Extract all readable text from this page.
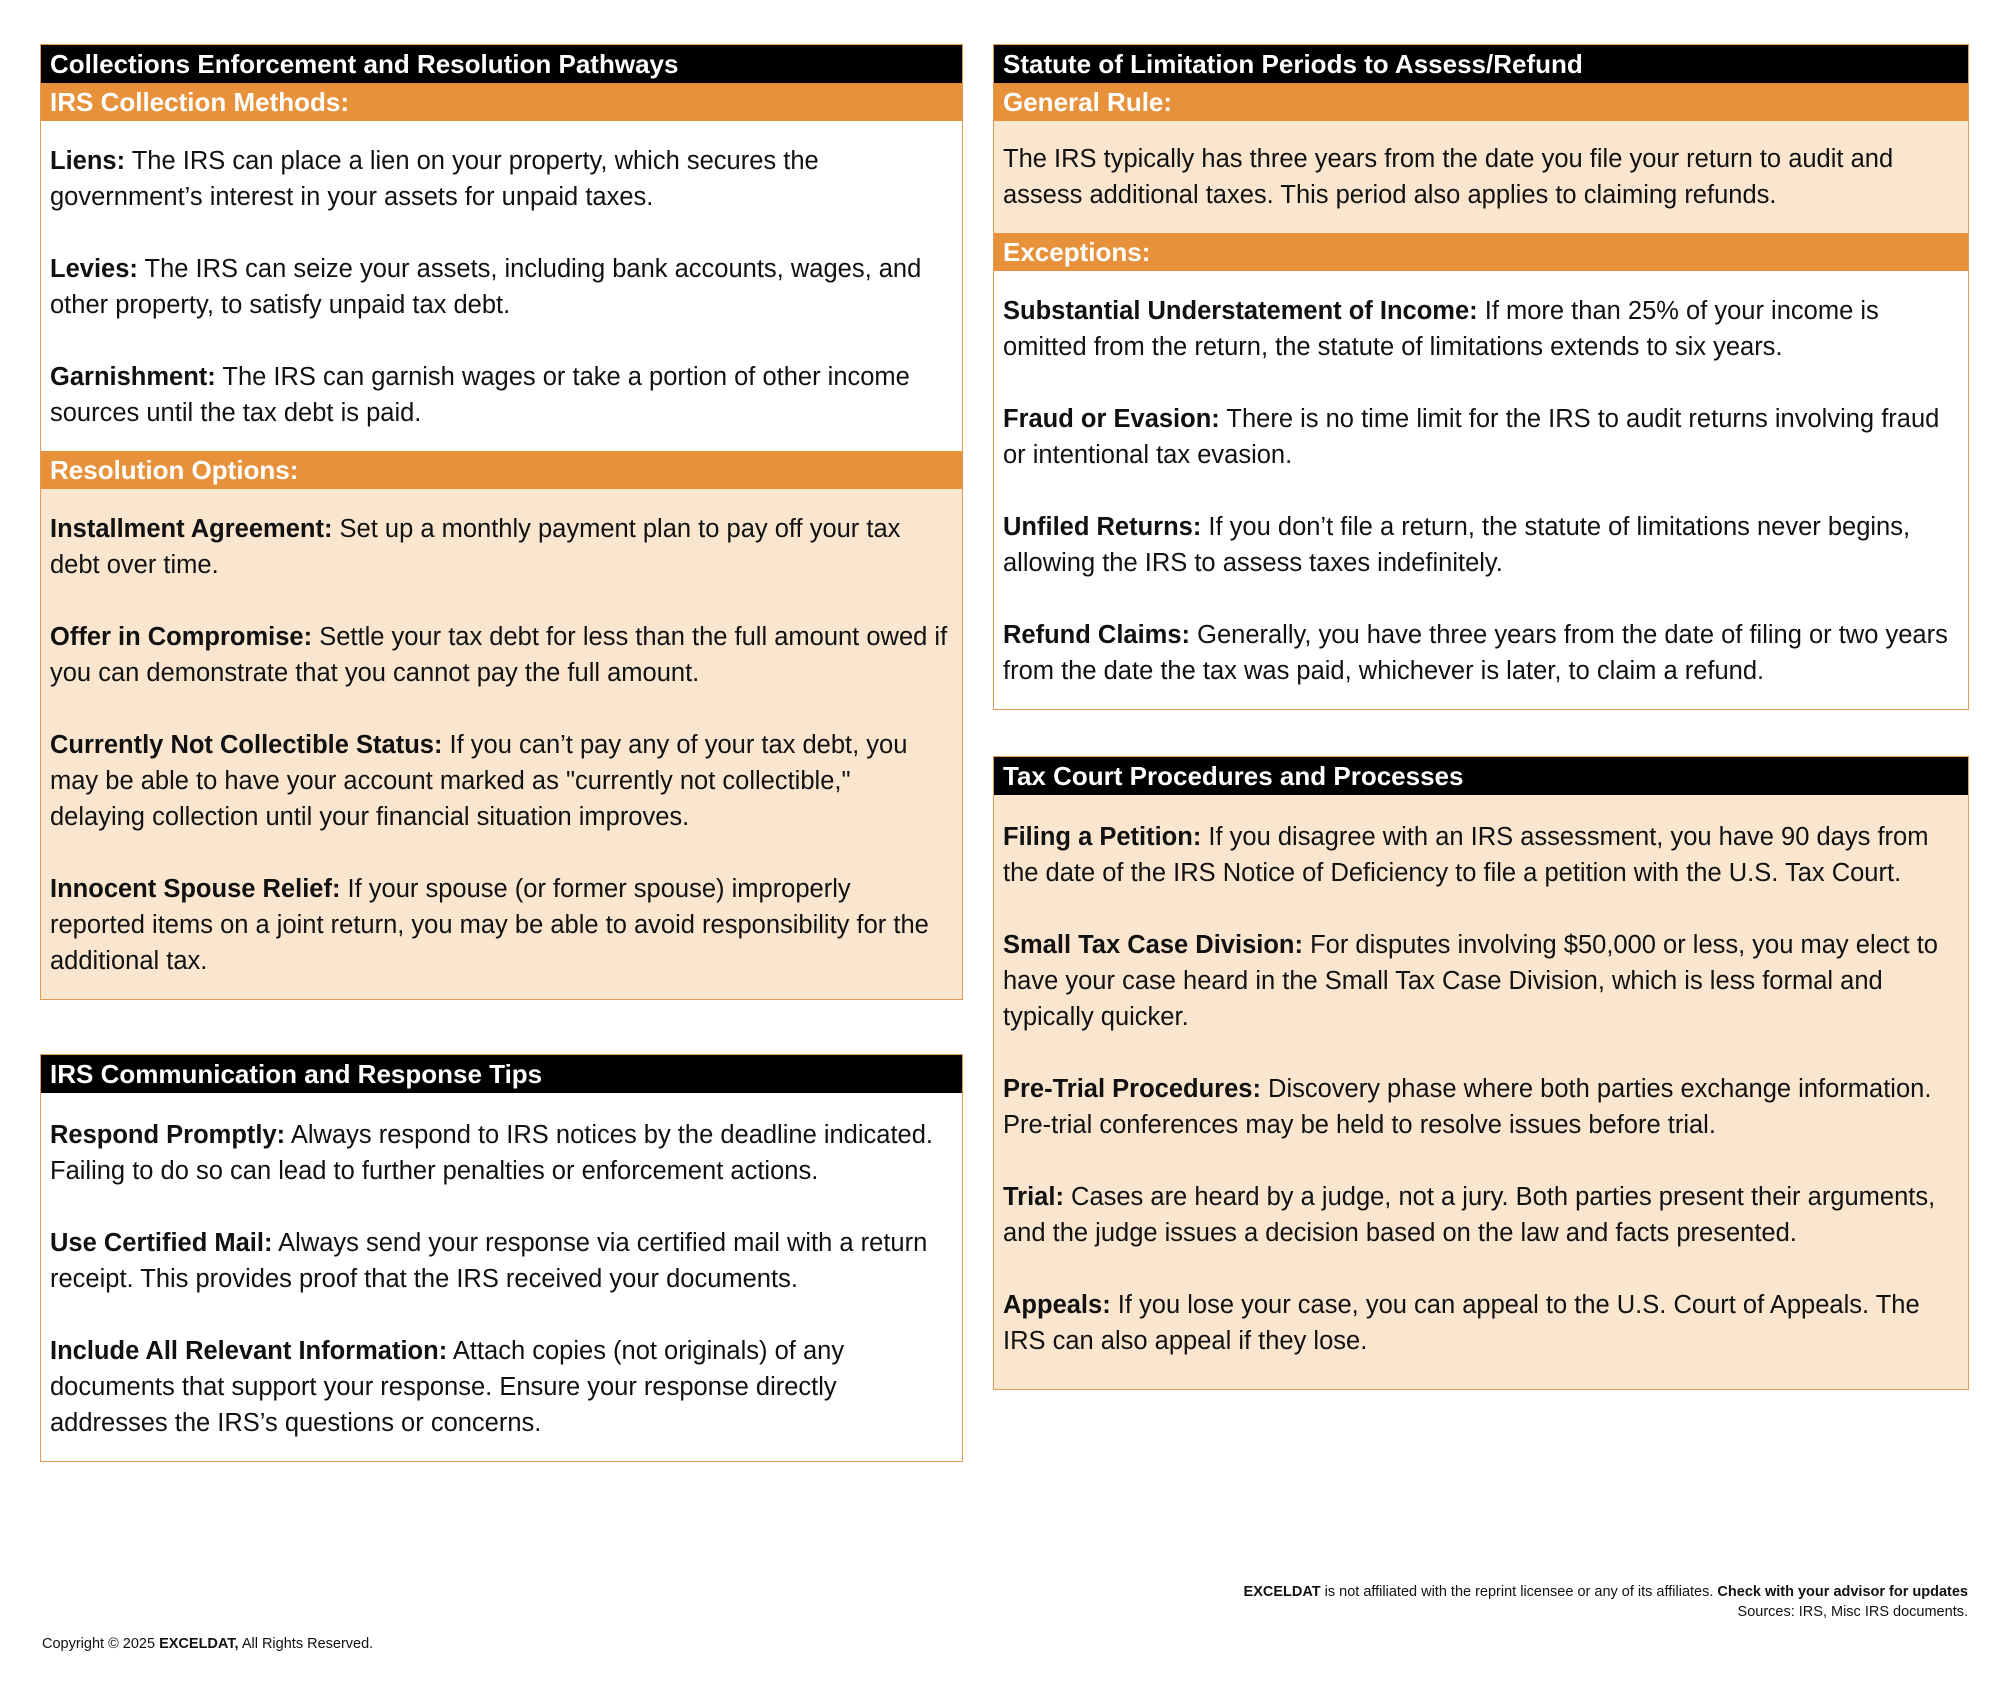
Collections Enforcement and Resolution Pathways
IRS Collection Methods:

Liens: The IRS can place a lien on your property, which secures the government’s interest in your assets for unpaid taxes.

Levies: The IRS can seize your assets, including bank accounts, wages, and other property, to satisfy unpaid tax debt.

Garnishment: The IRS can garnish wages or take a portion of other income sources until the tax debt is paid.

Resolution Options:

Installment Agreement: Set up a monthly payment plan to pay off your tax debt over time.

Offer in Compromise: Settle your tax debt for less than the full amount owed if you can demonstrate that you cannot pay the full amount.

Currently Not Collectible Status: If you can’t pay any of your tax debt, you may be able to have your account marked as "currently not collectible," delaying collection until your financial situation improves.

Innocent Spouse Relief: If your spouse (or former spouse) improperly reported items on a joint return, you may be able to avoid responsibility for the additional tax.

IRS Communication and Response Tips

Respond Promptly: Always respond to IRS notices by the deadline indicated. Failing to do so can lead to further penalties or enforcement actions.

Use Certified Mail: Always send your response via certified mail with a return receipt. This provides proof that the IRS received your documents.

Include All Relevant Information: Attach copies (not originals) of any documents that support your response. Ensure your response directly addresses the IRS’s questions or concerns.

Statute of Limitation Periods to Assess/Refund
General Rule:

The IRS typically has three years from the date you file your return to audit and assess additional taxes. This period also applies to claiming refunds.

Exceptions:

Substantial Understatement of Income: If more than 25% of your income is omitted from the return, the statute of limitations extends to six years.

Fraud or Evasion: There is no time limit for the IRS to audit returns involving fraud or intentional tax evasion.

Unfiled Returns: If you don’t file a return, the statute of limitations never begins, allowing the IRS to assess taxes indefinitely.

Refund Claims: Generally, you have three years from the date of filing or two years from the date the tax was paid, whichever is later, to claim a refund.

Tax Court Procedures and Processes

Filing a Petition: If you disagree with an IRS assessment, you have 90 days from the date of the IRS Notice of Deficiency to file a petition with the U.S. Tax Court.

Small Tax Case Division: For disputes involving $50,000 or less, you may elect to have your case heard in the Small Tax Case Division, which is less formal and typically quicker.

Pre-Trial Procedures: Discovery phase where both parties exchange information. Pre-trial conferences may be held to resolve issues before trial.

Trial: Cases are heard by a judge, not a jury. Both parties present their arguments, and the judge issues a decision based on the law and facts presented.

Appeals: If you lose your case, you can appeal to the U.S. Court of Appeals. The IRS can also appeal if they lose.

EXCELDAT is not affiliated with the reprint licensee or any of its affiliates. Check with your advisor for updates
Sources: IRS, Misc IRS documents.
Copyright © 2025 EXCELDAT, All Rights Reserved.
